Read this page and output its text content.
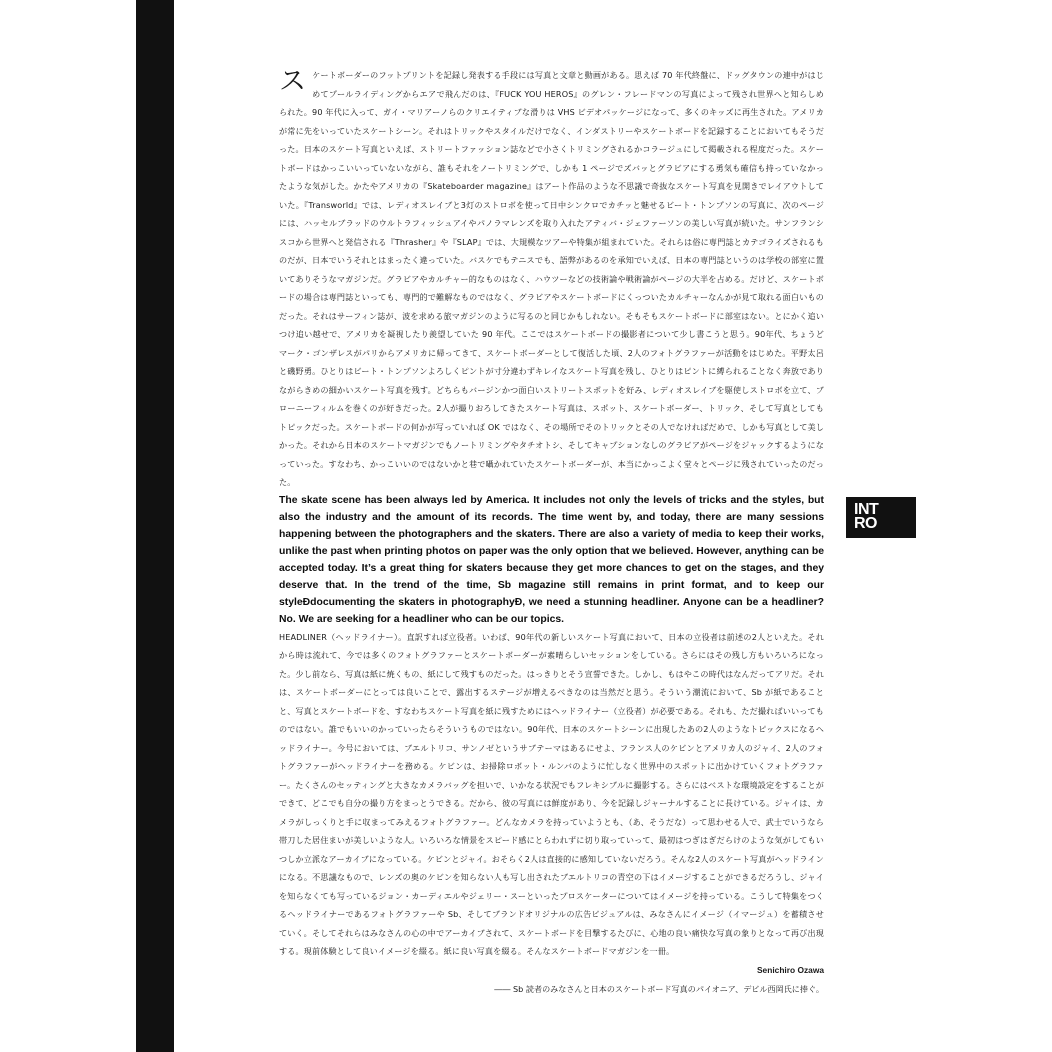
INT
RO

スケートボーダーのフットプリントを記録し発表する手段には写真と文章と動画がある。思えば 70 年代終盤に、ドッグタウンの連中がはじめてプールライディングからエアで飛んだのは、『FUCK YOU HEROS』のグレン・フレードマンの写真によって残され世界へと知らしめられた。90 年代に入って、ガイ・マリアーノらのクリエイティブな滑りは VHS ビデオパッケージになって、多くのキッズに再生された。アメリカが常に先をいっていたスケートシーン。それはトリックやスタイルだけでなく、インダストリーやスケートボードを記録することにおいてもそうだった。日本のスケート写真といえば、ストリートファッション誌などで小さくトリミングされるかコラージュにして掲載される程度だった。スケートボードはかっこいいっていないながら、誰もそれをノートリミングで、しかも 1 ページでズバッとグラビアにする勇気も確信も持っていなかったような気がした。かたやアメリカの『Skateboarder magazine』はアート作品のような不思議で奇抜なスケート写真を見開きでレイアウトしていた。『Transworld』では、レディオスレイブと3灯のストロボを使って日中シンクロでカチッと魅せるビート・トンプソンの写真に、次のページには、ハッセルブラッドのウルトラフィッシュアイやパノラマレンズを取り入れたアティバ・ジェファーソンの美しい写真が続いた。サンフランシスコから世界へと発信される『Thrasher』や『SLAP』では、大規模なツアーや特集が組まれていた。それらは俗に専門誌とカテゴライズされるものだが、日本でいうそれとはまったく違っていた。バスケでもテニスでも、語弊があるのを承知でいえば、日本の専門誌というのは学校の部室に置いてありそうなマガジンだ。グラビアやカルチャー的なものはなく、ハウツーなどの技術論や戦術論がページの大半を占める。だけど、スケートボードの場合は専門誌といっても、専門的で難解なものではなく、グラビアやスケートボードにくっついたカルチャーなんかが見て取れる面白いものだった。それはサーフィン誌が、波を求める旅マガジンのように写るのと同じかもしれない。そもそもスケートボードに部室はない。とにかく追いつけ追い越せで、アメリカを凝視したり羨望していた 90 年代。ここではスケートボードの撮影者について少し書こうと思う。90年代、ちょうどマーク・ゴンザレスがパリからアメリカに帰ってきて、スケートボーダーとして復活した頃、2人のフォトグラファーが活動をはじめた。平野太呂と磯野勇。ひとりはビート・トンプソンよろしくピントが寸分違わずキレイなスケート写真を残し、ひとりはピントに縛られることなく奔放でありながらきめの細かいスケート写真を残す。どちらもバージンかつ面白いストリートスポットを好み、レディオスレイブを駆使しストロボを立て、ブローニーフィルムを巻くのが好きだった。2人が撮りおろしてきたスケート写真は、スポット、スケートボーダー、トリック、そして写真としてもトピックだった。スケートボードの何かが写っていれば OK ではなく、その場所でそのトリックとその人でなければだめで、しかも写真として美しかった。それから日本のスケートマガジンでもノートリミングやタチオトシ、そしてキャプションなしのグラビアがページをジャックするようになっていった。すなわち、かっこいいのではないかと巷で囁かれていたスケートボーダーが、本当にかっこよく堂々とページに残されていったのだった。

The skate scene has been always led by America. It includes not only the levels of tricks and the styles, but also the industry and the amount of its records. The time went by, and today, there are many sessions happening between the photographers and the skaters. There are also a variety of media to keep their works, unlike the past when printing photos on paper was the only option that we believed. However, anything can be accepted today. It’s a great thing for skaters because they get more chances to get on the stages, and they deserve that. In the trend of the time, Sb magazine still remains in print format, and to keep our styleÐdocumenting the skaters in photographyÐ, we need a stunning headliner. Anyone can be a headliner? No. We are seeking for a headliner who can be our topics.

HEADLINER（ヘッドライナー）。直訳すれば立役者。いわば、90年代の新しいスケート写真において、日本の立役者は前述の2人といえた。それから時は流れて、今では多くのフォトグラファーとスケートボーダーが素晴らしいセッションをしている。さらにはその残し方もいろいろになった。少し前なら、写真は紙に焼くもの、紙にして残すものだった。はっきりとそう宣誓できた。しかし、もはやこの時代はなんだってアリだ。それは、スケートボーダーにとっては良いことで、露出するステージが増えるべきなのは当然だと思う。そういう潮流において、Sb が紙であることと、写真とスケートボードを、すなわちスケート写真を紙に残すためにはヘッドライナー（立役者）が必要である。それも、ただ撮ればいいってものではない。誰でもいいのかっていったらそういうものではない。90年代、日本のスケートシーンに出現したあの2人のようなトピックスになるヘッドライナー。今号においては、ブエルトリコ、サンノゼというサブテーマはあるにせよ、フランス人のケビンとアメリカ人のジャイ、2人のフォトグラファーがヘッドライナーを務める。ケビンは、お掃除ロボット・ルンバのように忙しなく世界中のスポットに出かけていくフォトグラファー。たくさんのセッティングと大きなカメラバッグを担いで、いかなる状況でもフレキシブルに撮影する。さらにはベストな環境設定をすることができて、どこでも自分の撮り方をまっとうできる。だから、彼の写真には鮮度があり、今を記録しジャーナルすることに長けている。ジャイは、カメラがしっくりと手に収まってみえるフォトグラファー。どんなカメラを持っていようとも、（あ、そうだな）って思わせる人で、武士でいうなら帯刀した居住まいが美しいような人。いろいろな情景をスピード感にとらわれずに切り取っていって、最初はつぎはぎだらけのような気がしてもいつしか立派なアーカイブになっている。ケビンとジャイ。おそらく2人は直接的に感知していないだろう。そんな2人のスケート写真がヘッドラインになる。不思議なもので、レンズの奥のケビンを知らない人も写し出されたブエルトリコの青空の下はイメージすることができるだろうし、ジャイを知らなくても写っているジョン・カーディエルやジェリー・スーといったプロスケーターについてはイメージを持っている。こうして特集をつくるヘッドライナーであるフォトグラファーや Sb、そしてブランドオリジナルの広告ビジュアルは、みなさんにイメージ（イマージュ）を蓄積させていく。そしてそれらはみなさんの心の中でアーカイブされて、スケートボードを目撃するたびに、心地の良い痛快な写真の象りとなって再び出現する。現前体験として良いイメージを綴る。紙に良い写真を綴る。そんなスケートボードマガジンを一冊。

Senichiro Ozawa

―― Sb 読者のみなさんと日本のスケートボード写真のパイオニア、デビル西岡氏に捧ぐ。
